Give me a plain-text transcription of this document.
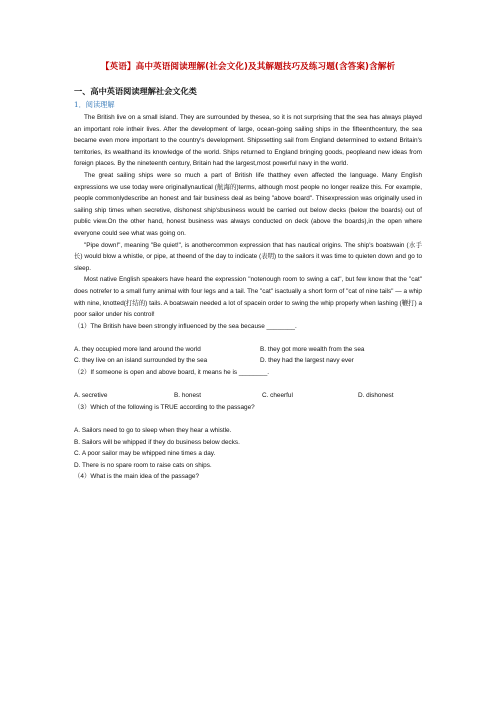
【英语】高中英语阅读理解(社会文化)及其解题技巧及练习题(含答案)含解析
一、高中英语阅读理解社会文化类
1．阅读理解

The British live on a small island. They are surrounded by thesea, so it is not surprising that the sea has always played an important role intheir lives. After the development of large, ocean-going sailing ships in the fifteenthcentury, the sea became even more important to the country's development. Shipssetting sail from England determined to extend Britain's territories, its wealthand its knowledge of the world. Ships returned to England bringing goods, peopleand new ideas from foreign places. By the nineteenth century, Britain had the largest,most powerful navy in the world.

The great sailing ships were so much a part of British life thatthey even affected the language. Many English expressions we use today were originallynautical (航海的)terms, although most people no longer realize this. For example, people commonlydescribe an honest and fair business deal as being "above board". Thisexpression was originally used in sailing ship times when secretive, dishonest ship'sbusiness would be carried out below decks (below the boards) out of public view.On the other hand, honest business was always conducted on deck (above the boards),in the open where everyone could see what was going on.

"Pipe down!", meaning "Be quiet!", is anothercommon expression that has nautical origins. The ship's boatswain (水手长) would blow a whistle, or pipe, at theend of the day to indicate (表明) to the sailors it was time to quieten down and go to sleep.

Most native English speakers have heard the expression "notenough room to swing a cat", but few know that the "cat" does notrefer to a small furry animal with four legs and a tail. The "cat" isactually a short form of "cat of nine tails" — a whip with nine, knotted(打结的) tails. A boatswain needed a lot of spacein order to swing the whip properly when lashing (鞭打) a poor sailor under his control!

（1）The British have been strongly influenced by the sea because ________.

A. they occupied more land around the world	B. they got more wealth from the sea
C. they live on an island surrounded by the sea	D. they had the largest navy ever

（2）If someone is open and above board, it means he is ________.

A. secretive	B. honest	C. cheerful	D. dishonest

（3）Which of the following is TRUE according to the passage?

A. Sailors need to go to sleep when they hear a whistle.

B. Sailors will be whipped if they do business below decks.

C. A poor sailor may be whipped nine times a day.

D. There is no spare room to raise cats on ships.

（4）What is the main idea of the passage?
